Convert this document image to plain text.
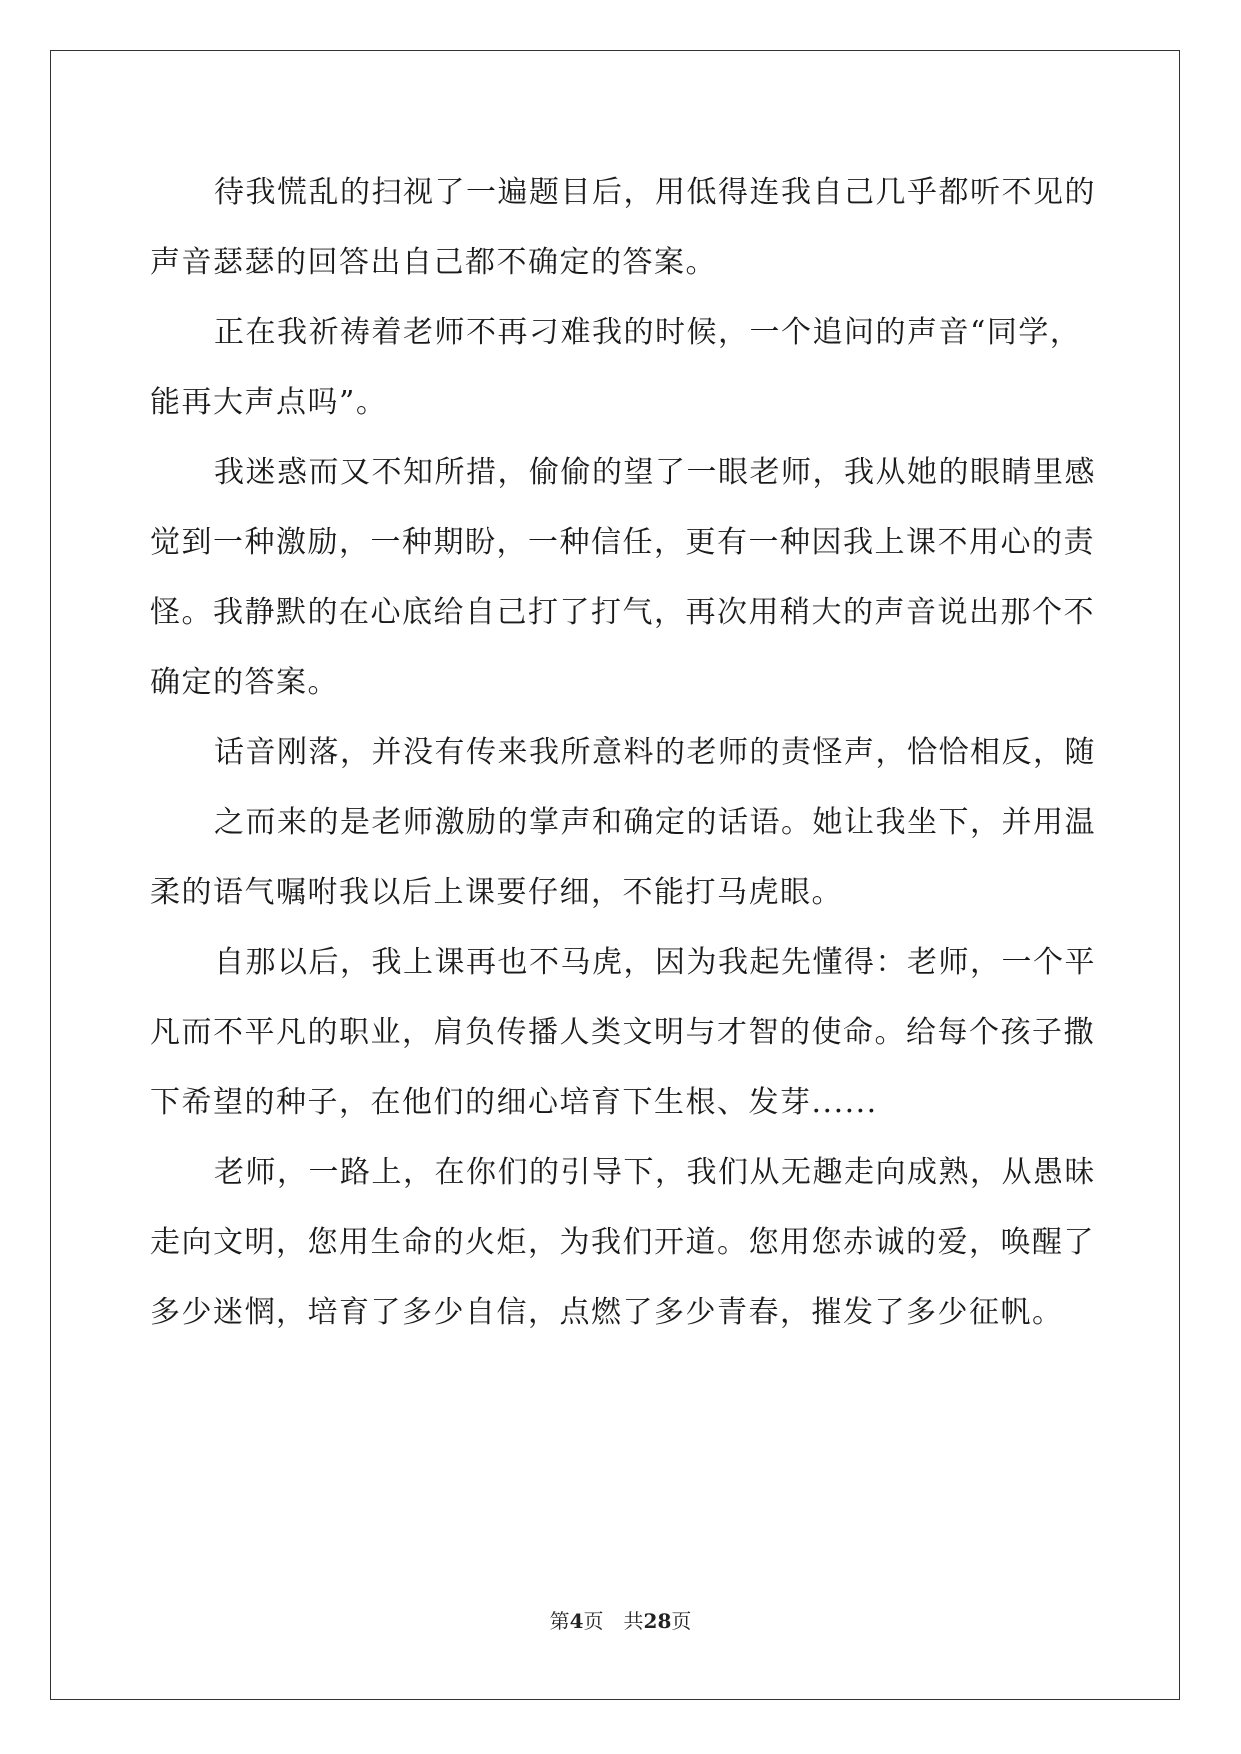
待我慌乱的扫视了一遍题目后，用低得连我自己几乎都听不见的
声音瑟瑟的回答出自己都不确定的答案。
正在我祈祷着老师不再刁难我的时候，一个追问的声音“同学，
能再大声点吗”。
我迷惑而又不知所措，偷偷的望了一眼老师，我从她的眼睛里感
觉到一种激励，一种期盼，一种信任，更有一种因我上课不用心的责
怪。我静默的在心底给自己打了打气，再次用稍大的声音说出那个不
确定的答案。
话音刚落，并没有传来我所意料的老师的责怪声，恰恰相反，随
之而来的是老师激励的掌声和确定的话语。她让我坐下，并用温
柔的语气嘱咐我以后上课要仔细，不能打马虎眼。
自那以后，我上课再也不马虎，因为我起先懂得：老师，一个平
凡而不平凡的职业，肩负传播人类文明与才智的使命。给每个孩子撒
下希望的种子，在他们的细心培育下生根、发芽......
老师，一路上，在你们的引导下，我们从无趣走向成熟，从愚昧
走向文明，您用生命的火炬，为我们开道。您用您赤诚的爱，唤醒了
多少迷惘，培育了多少自信，点燃了多少青春，摧发了多少征帆。
第4页 共28页
